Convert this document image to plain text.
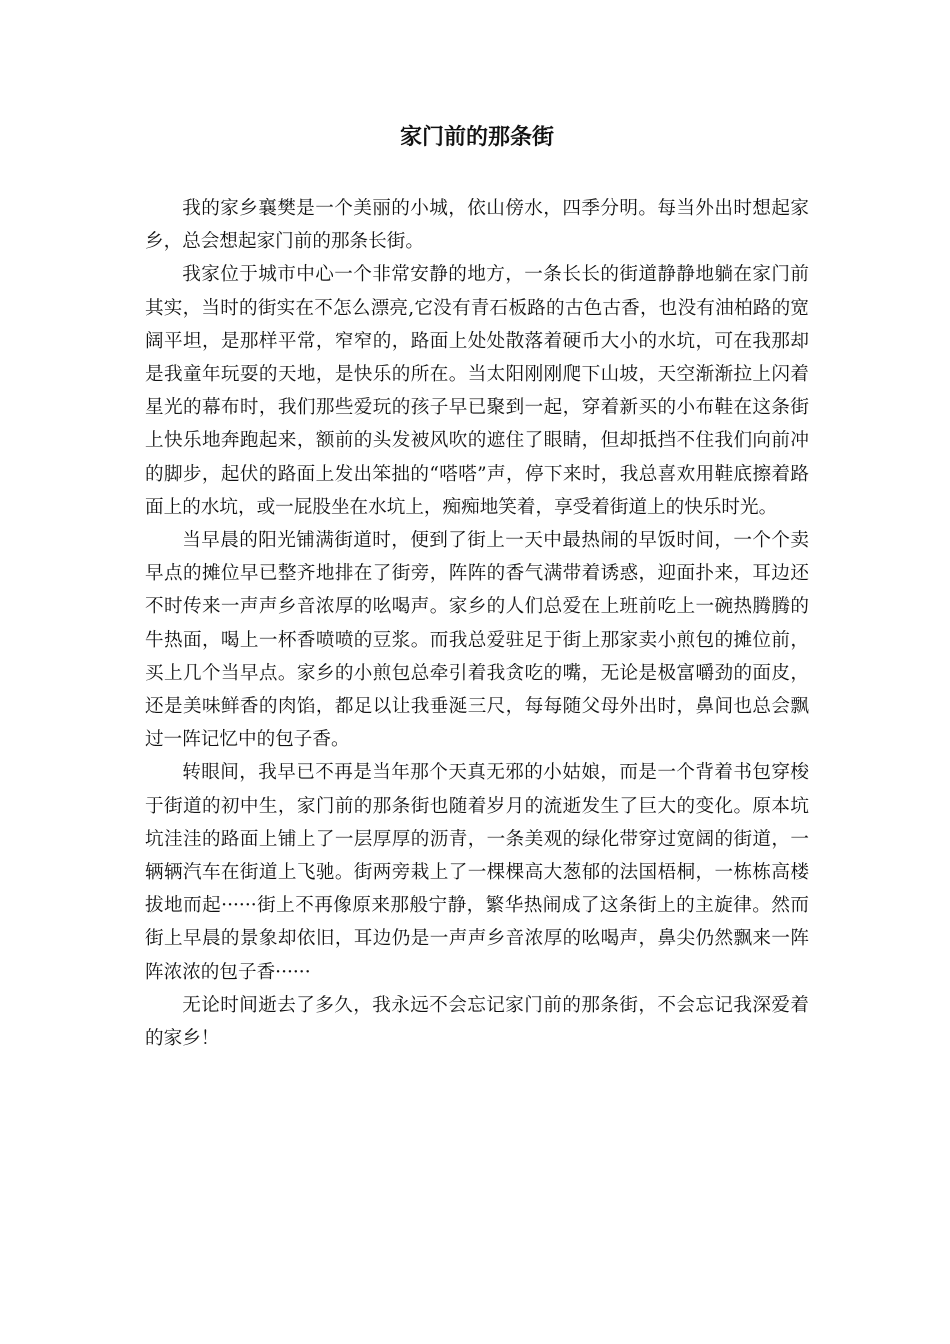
家门前的那条街

我的家乡襄樊是一个美丽的小城，依山傍水，四季分明。每当外出时想起家乡，总会想起家门前的那条长街。

我家位于城市中心一个非常安静的地方，一条长长的街道静静地躺在家门前其实，当时的街实在不怎么漂亮,它没有青石板路的古色古香，也没有油柏路的宽阔平坦，是那样平常，窄窄的，路面上处处散落着硬币大小的水坑，可在我那却是我童年玩耍的天地，是快乐的所在。当太阳刚刚爬下山坡，天空渐渐拉上闪着星光的幕布时，我们那些爱玩的孩子早已聚到一起，穿着新买的小布鞋在这条街上快乐地奔跑起来，额前的头发被风吹的遮住了眼睛，但却抵挡不住我们向前冲的脚步，起伏的路面上发出笨拙的“嗒嗒”声，停下来时，我总喜欢用鞋底擦着路面上的水坑，或一屁股坐在水坑上，痴痴地笑着，享受着街道上的快乐时光。

当早晨的阳光铺满街道时，便到了街上一天中最热闹的早饭时间，一个个卖早点的摊位早已整齐地排在了街旁，阵阵的香气满带着诱惑，迎面扑来，耳边还不时传来一声声乡音浓厚的吆喝声。家乡的人们总爱在上班前吃上一碗热腾腾的牛热面，喝上一杯香喷喷的豆浆。而我总爱驻足于街上那家卖小煎包的摊位前，买上几个当早点。家乡的小煎包总牵引着我贪吃的嘴，无论是极富嚼劲的面皮，还是美味鲜香的肉馅，都足以让我垂涎三尺，每每随父母外出时，鼻间也总会飘过一阵记忆中的包子香。

转眼间，我早已不再是当年那个天真无邪的小姑娘，而是一个背着书包穿梭于街道的初中生，家门前的那条街也随着岁月的流逝发生了巨大的变化。原本坑坑洼洼的路面上铺上了一层厚厚的沥青，一条美观的绿化带穿过宽阔的街道，一辆辆汽车在街道上飞驰。街两旁栽上了一棵棵高大葱郁的法国梧桐，一栋栋高楼拔地而起······街上不再像原来那般宁静，繁华热闹成了这条街上的主旋律。然而街上早晨的景象却依旧，耳边仍是一声声乡音浓厚的吆喝声，鼻尖仍然飘来一阵阵浓浓的包子香······

无论时间逝去了多久，我永远不会忘记家门前的那条街，不会忘记我深爱着的家乡！
